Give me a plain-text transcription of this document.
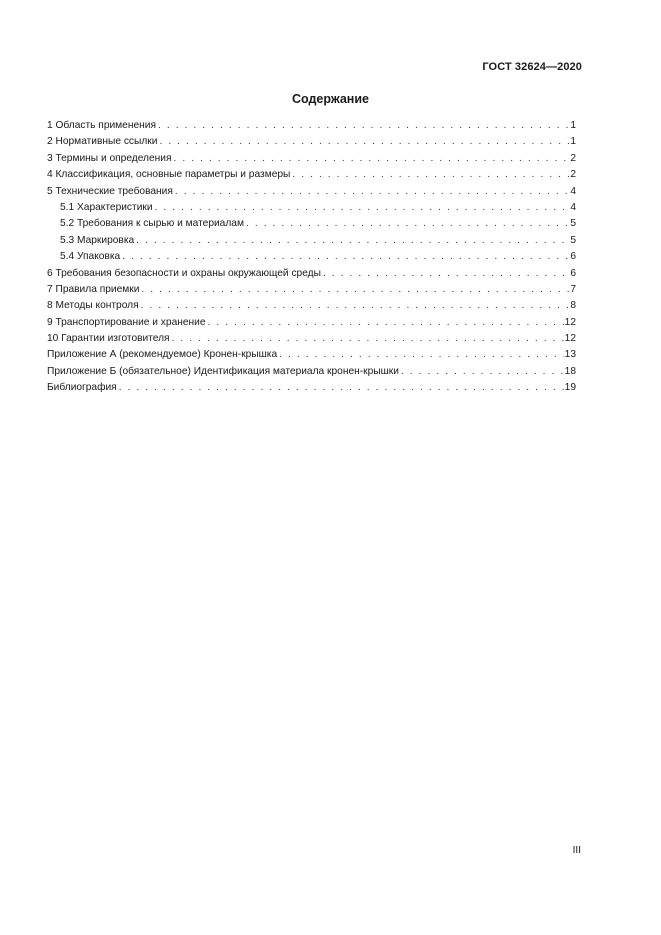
ГОСТ 32624—2020
Содержание
1 Область применения . . .	1
2 Нормативные ссылки . . .	1
3 Термины и определения . . .	2
4 Классификация, основные параметры и размеры . . .	2
5 Технические требования . . .	4
5.1 Характеристики . . .	4
5.2 Требования к сырью и материалам . . .	5
5.3 Маркировка . . .	5
5.4 Упаковка . . .	6
6 Требования безопасности и охраны окружающей среды . . .	6
7 Правила приемки . . .	7
8 Методы контроля . . .	8
9 Транспортирование и хранение . . .	12
10 Гарантии изготовителя . . .	12
Приложение А (рекомендуемое) Кронен-крышка . . .	13
Приложение Б (обязательное) Идентификация материала кронен-крышки . . .	18
Библиография . . .	19
III
